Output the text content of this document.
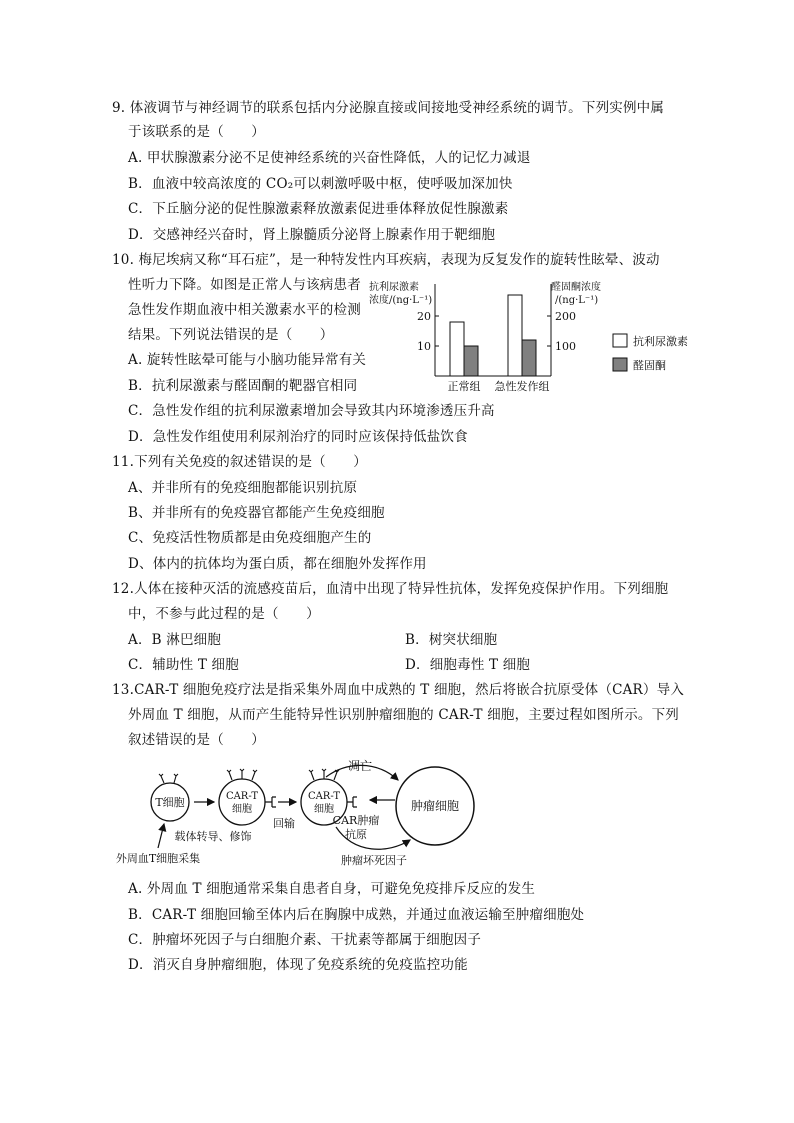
9. 体液调节与神经调节的联系包括内分泌腺直接或间接地受神经系统的调节。下列实例中属
于该联系的是（　　）
A. 甲状腺激素分泌不足使神经系统的兴奋性降低，人的记忆力减退
B．血液中较高浓度的 CO₂可以刺激呼吸中枢，使呼吸加深加快
C．下丘脑分泌的促性腺激素释放激素促进垂体释放促性腺激素
D．交感神经兴奋时，肾上腺髓质分泌肾上腺素作用于靶细胞
10. 梅尼埃病又称“耳石症”，是一种特发性内耳疾病，表现为反复发作的旋转性眩晕、波动
性听力下降。如图是正常人与该病患者
急性发作期血液中相关激素水平的检测
结果。下列说法错误的是（　　）
A. 旋转性眩晕可能与小脑功能异常有关
B．抗利尿激素与醛固酮的靶器官相同
C．急性发作组的抗利尿激素增加会导致其内环境渗透压升高
D．急性发作组使用利尿剂治疗的同时应该保持低盐饮食
抗利尿激素
浓度/(ng·L⁻¹)
醛固酮浓度
/(ng·L⁻¹)
10
20
100
200
正常组 急性发作组
抗利尿激素
醛固酮
11.下列有关免疫的叙述错误的是（　　）
A、并非所有的免疫细胞都能识别抗原
B、并非所有的免疫器官都能产生免疫细胞
C、免疫活性物质都是由免疫细胞产生的
D、体内的抗体均为蛋白质，都在细胞外发挥作用
12.人体在接种灭活的流感疫苗后，血清中出现了特异性抗体，发挥免疫保护作用。下列细胞
中，不参与此过程的是（　　）
A．B 淋巴细胞	B．树突状细胞
C．辅助性 T 细胞	D．细胞毒性 T 细胞
13.CAR-T 细胞免疫疗法是指采集外周血中成熟的 T 细胞，然后将嵌合抗原受体（CAR）导入
外周血 T 细胞，从而产生能特异性识别肿瘤细胞的 CAR-T 细胞，主要过程如图所示。下列
叙述错误的是（　　）
T细胞	CAR-T
细胞
回输
CAR-T
细胞	肿瘤细胞
凋亡
CAR肿瘤
抗原
肿瘤坏死因子
载体转导、修饰
外周血T细胞采集
A. 外周血 T 细胞通常采集自患者自身，可避免免疫排斥反应的发生
B．CAR-T 细胞回输至体内后在胸腺中成熟，并通过血液运输至肿瘤细胞处
C．肿瘤坏死因子与白细胞介素、干扰素等都属于细胞因子
D．消灭自身肿瘤细胞，体现了免疫系统的免疫监控功能
